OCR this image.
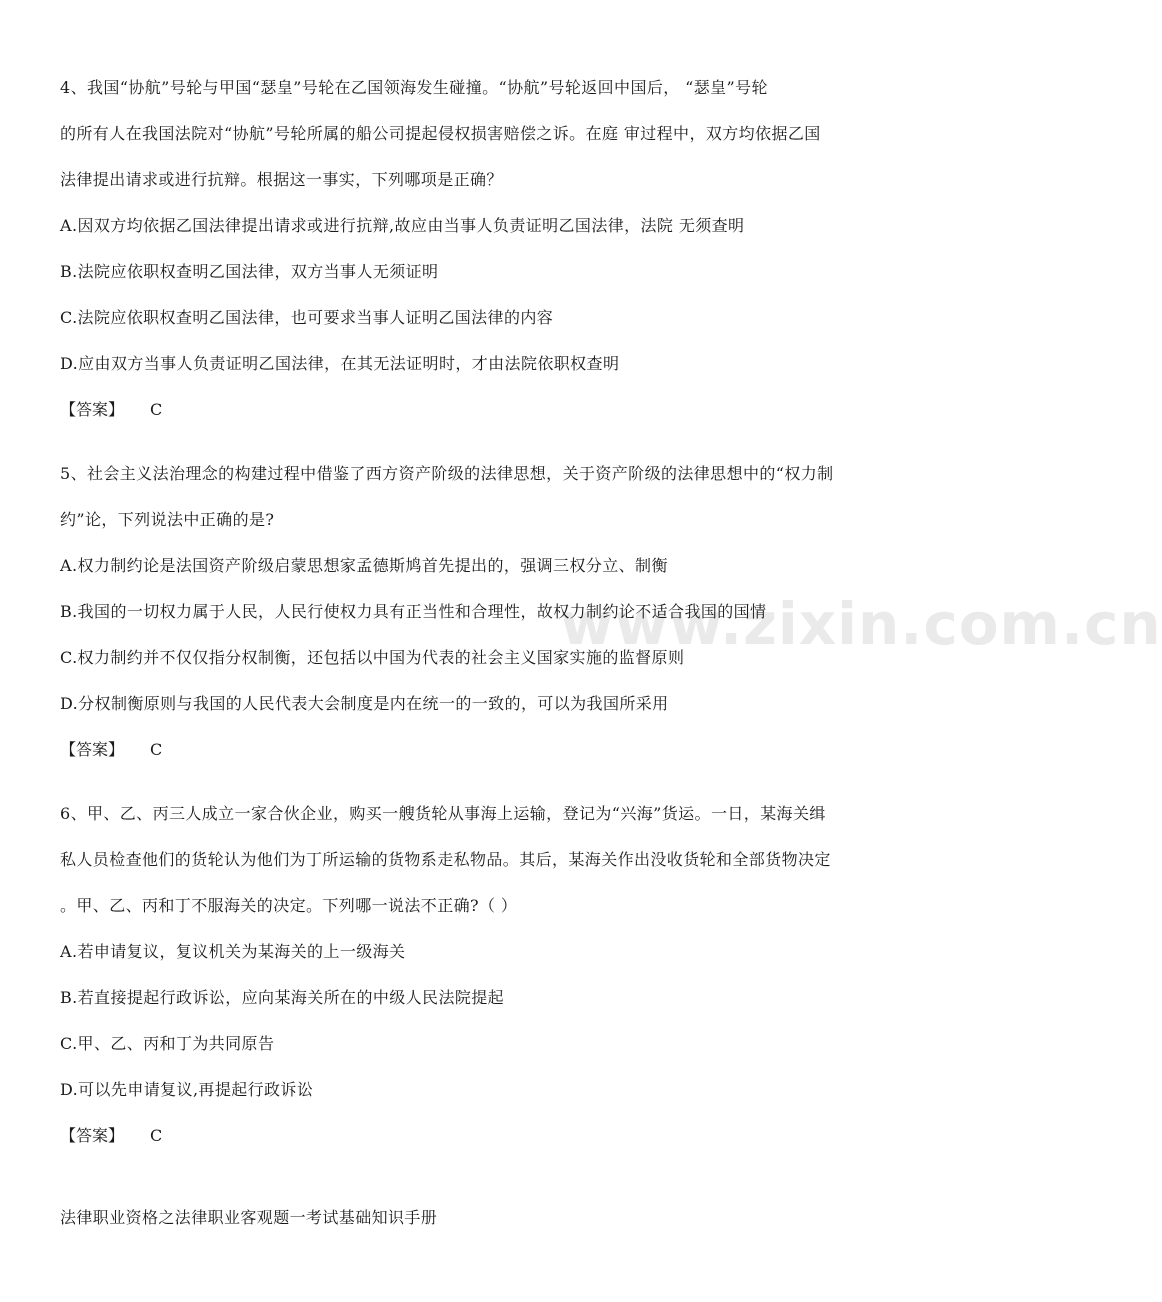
www.zixin.com.cn
4、我国“协航”号轮与甲国“瑟皇”号轮在乙国领海发生碰撞。“协航”号轮返回中国后， “瑟皇”号轮
的所有人在我国法院对“协航”号轮所属的船公司提起侵权损害赔偿之诉。在庭 审过程中，双方均依据乙国
法律提出请求或进行抗辩。根据这一事实，下列哪项是正确？
A.因双方均依据乙国法律提出请求或进行抗辩,故应由当事人负责证明乙国法律，法院 无须查明
B.法院应依职权查明乙国法律，双方当事人无须证明
C.法院应依职权查明乙国法律，也可要求当事人证明乙国法律的内容
D.应由双方当事人负责证明乙国法律，在其无法证明时，才由法院依职权查明
【答案】 C
5、社会主义法治理念的构建过程中借鉴了西方资产阶级的法律思想，关于资产阶级的法律思想中的“权力制
约”论，下列说法中正确的是?
A.权力制约论是法国资产阶级启蒙思想家孟德斯鸠首先提出的，强调三权分立、制衡
B.我国的一切权力属于人民，人民行使权力具有正当性和合理性，故权力制约论不适合我国的国情
C.权力制约并不仅仅指分权制衡，还包括以中国为代表的社会主义国家实施的监督原则
D.分权制衡原则与我国的人民代表大会制度是内在统一的一致的，可以为我国所采用
【答案】 C
6、甲、乙、丙三人成立一家合伙企业，购买一艘货轮从事海上运输，登记为“兴海”货运。一日，某海关缉
私人员检查他们的货轮认为他们为丁所运输的货物系走私物品。其后，某海关作出没收货轮和全部货物决定
。甲、乙、丙和丁不服海关的决定。下列哪一说法不正确?（ ）
A.若申请复议，复议机关为某海关的上一级海关
B.若直接提起行政诉讼，应向某海关所在的中级人民法院提起
C.甲、乙、丙和丁为共同原告
D.可以先申请复议,再提起行政诉讼
【答案】 C
法律职业资格之法律职业客观题一考试基础知识手册
